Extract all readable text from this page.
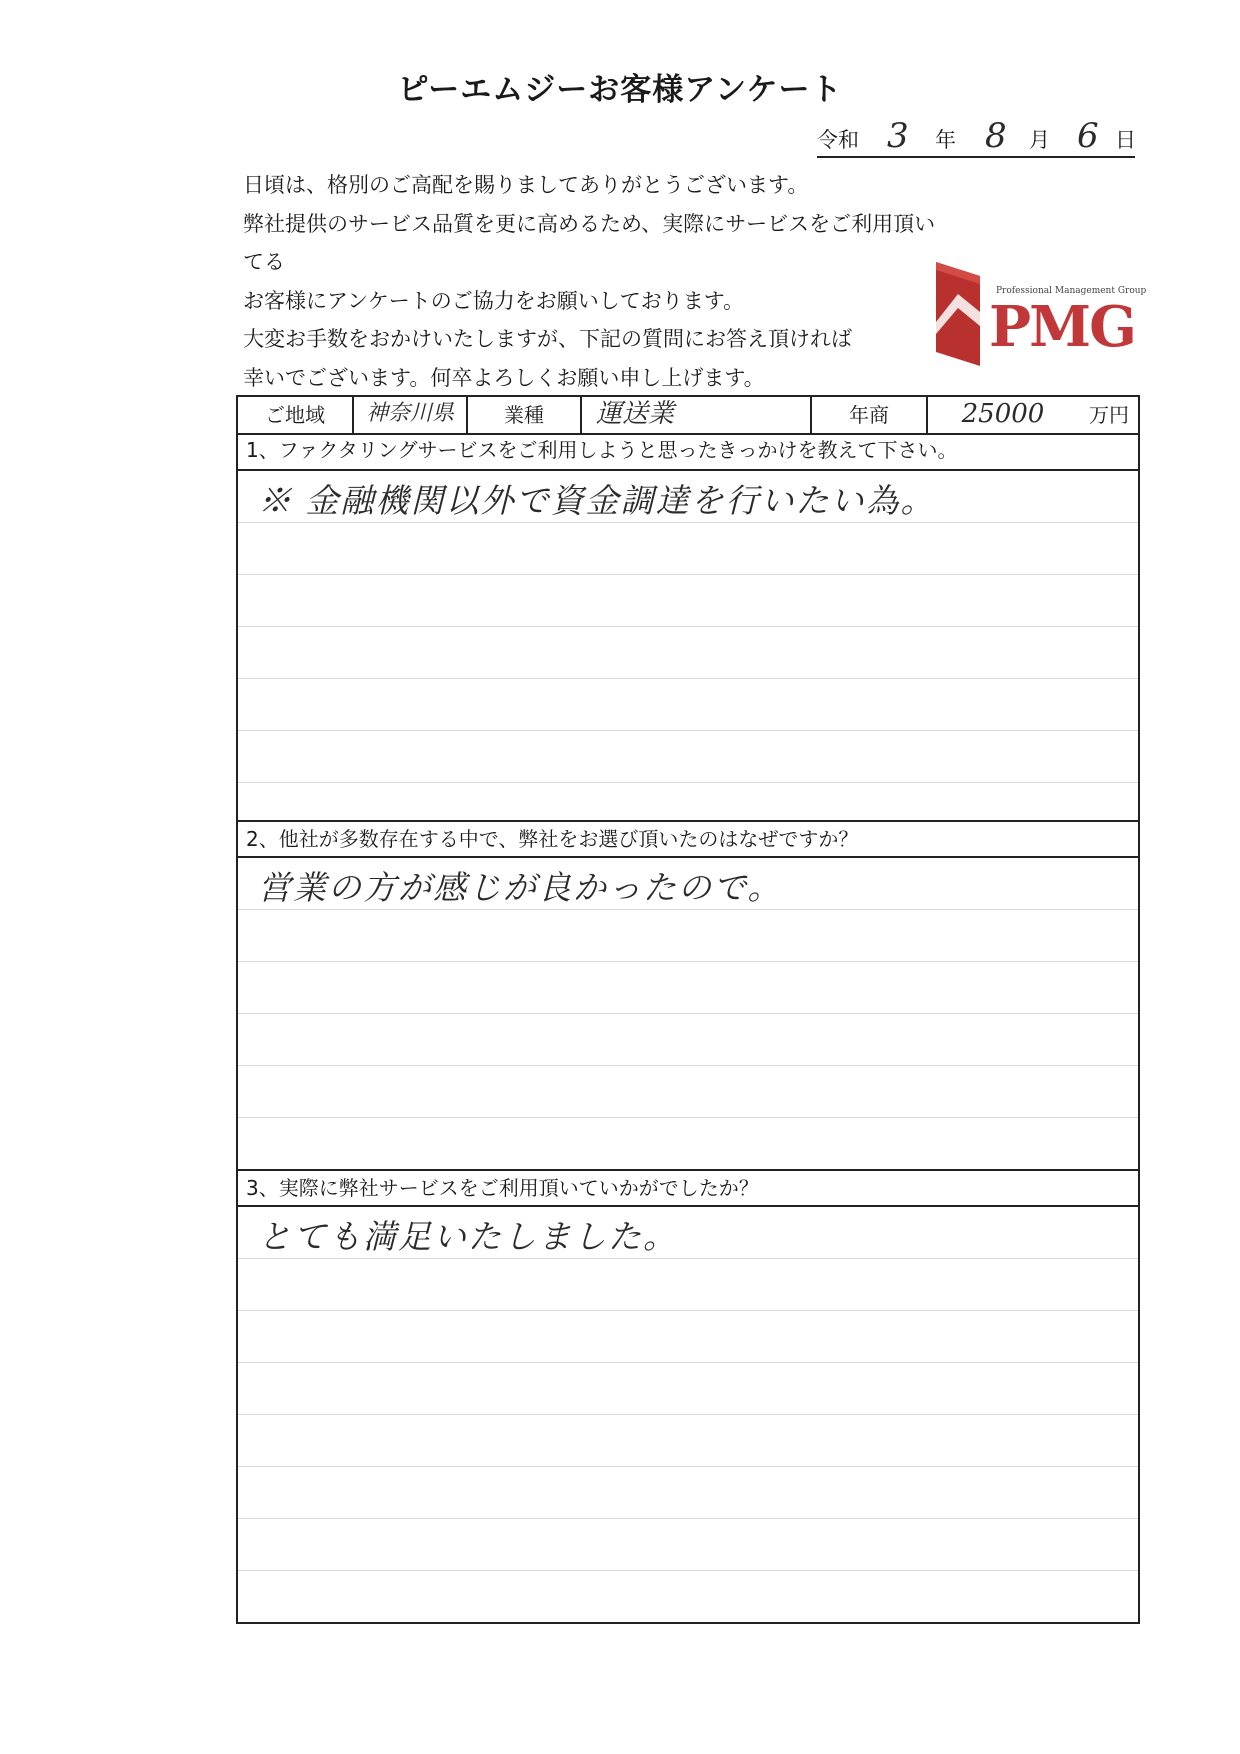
ピーエムジーお客様アンケート
令和 3 年 8 月 6 日
日頃は、格別のご高配を賜りましてありがとうございます。
弊社提供のサービス品質を更に高めるため、実際にサービスをご利用頂いてる
お客様にアンケートのご協力をお願いしております。
大変お手数をおかけいたしますが、下記の質問にお答え頂ければ
幸いでございます。何卒よろしくお願い申し上げます。
Professional Management Group
PMG
ご地域	神奈川県	業種	運送業	年商	25000	万円
1、ファクタリングサービスをご利用しようと思ったきっかけを教えて下さい。
※ 金融機関以外で資金調達を行いたい為。
2、他社が多数存在する中で、弊社をお選び頂いたのはなぜですか？
営業の方が感じが良かったので。
3、実際に弊社サービスをご利用頂いていかがでしたか？
とても満足いたしました。
